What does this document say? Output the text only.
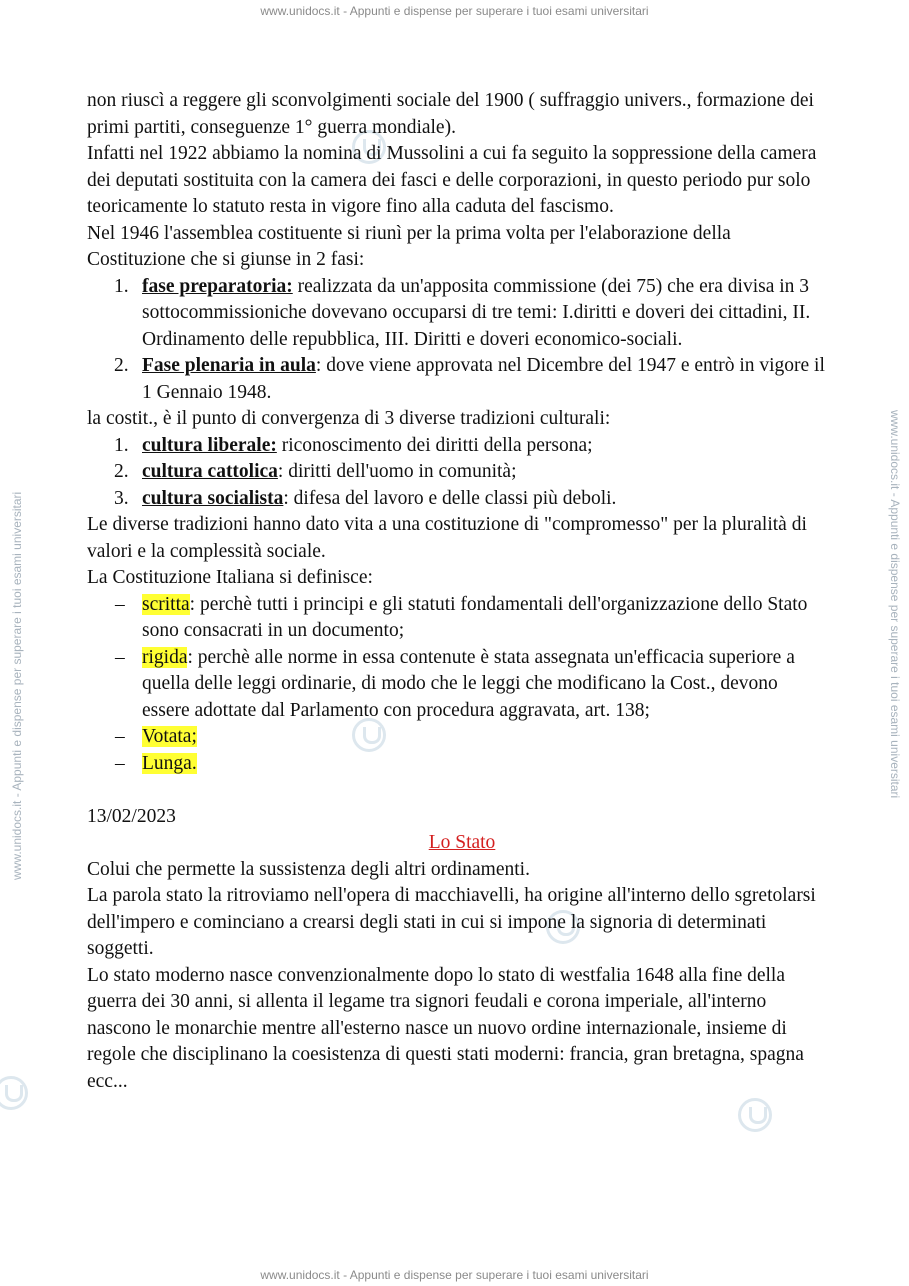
www.unidocs.it - Appunti e dispense per superare i tuoi esami universitari
www.unidocs.it - Appunti e dispense per superare i tuoi esami universitari
www.unidocs.it - Appunti e dispense per superare i tuoi esami universitari	www.unidocs.it - Appunti e dispense per superare i tuoi esami universitari

non riuscì a reggere gli sconvolgimenti sociale del 1900 ( suffraggio univers., formazione dei primi partiti, conseguenze 1° guerra mondiale).

Infatti nel 1922 abbiamo la nomina di Mussolini a cui fa seguito la soppressione della camera dei deputati sostituita con la camera dei fasci e delle corporazioni, in questo periodo pur solo teoricamente lo statuto resta in vigore fino alla caduta del fascismo.

Nel 1946 l'assemblea costituente si riunì per la prima volta per l'elaborazione della Costituzione che si giunse in 2 fasi:

1. fase preparatoria: realizzata da un'apposita commissione (dei 75) che era divisa in 3 sottocommissioniche dovevano occuparsi di tre temi: I.diritti e doveri dei cittadini, II. Ordinamento delle repubblica, III. Diritti e doveri economico-sociali.
2. Fase plenaria in aula: dove viene approvata nel Dicembre del 1947 e entrò in vigore il 1 Gennaio 1948.

la costit., è il punto di convergenza di 3 diverse tradizioni culturali:

1. cultura liberale: riconoscimento dei diritti della persona;
2. cultura cattolica: diritti dell'uomo in comunità;
3. cultura socialista: difesa del lavoro e delle classi più deboli.

Le diverse tradizioni hanno dato vita a una costituzione di "compromesso" per la pluralità di valori e la complessità sociale.

La Costituzione Italiana si definisce:

– scritta: perchè tutti i principi e gli statuti fondamentali dell'organizzazione dello Stato sono consacrati in un documento;
– rigida: perchè alle norme in essa contenute è stata assegnata un'efficacia superiore a quella delle leggi ordinarie, di modo che le leggi che modificano la Cost., devono essere adottate dal Parlamento con procedura aggravata, art. 138;
– Votata;
– Lunga.

13/02/2023

Lo Stato

Colui che permette la sussistenza degli altri ordinamenti.

La parola stato la ritroviamo nell'opera di macchiavelli, ha origine all'interno dello sgretolarsi dell'impero e cominciano a crearsi degli stati in cui si impone la signoria di determinati soggetti.

Lo stato moderno nasce convenzionalmente dopo lo stato di westfalia 1648 alla fine della guerra dei 30 anni, si allenta il legame tra signori feudali e corona imperiale, all'interno nascono le monarchie mentre all'esterno nasce un nuovo ordine internazionale, insieme di regole che disciplinano la coesistenza di questi stati moderni: francia, gran bretagna, spagna ecc...
